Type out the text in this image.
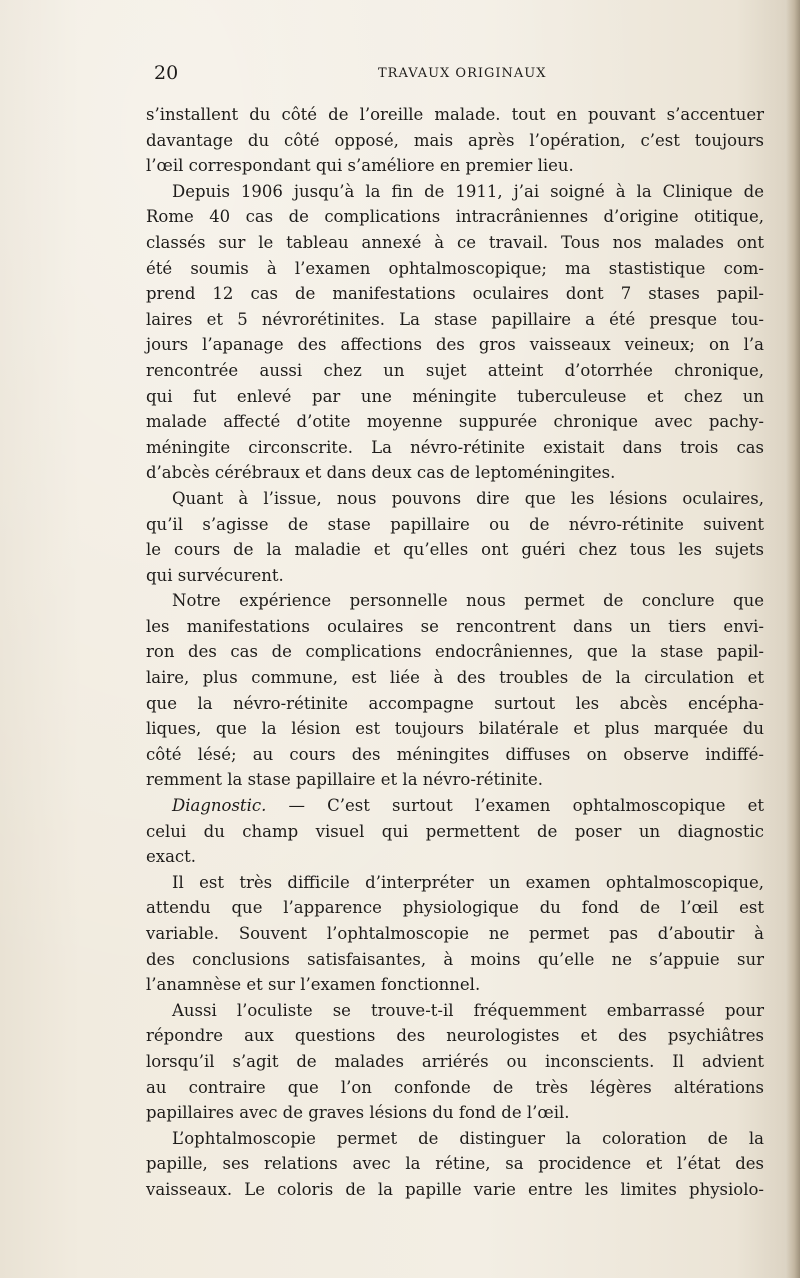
20	TRAVAUX ORIGINAUX
s’installent du côté de l’oreille malade. tout en pouvant s’accentuer
davantage du côté opposé, mais après l’opération, c’est toujours
l’œil correspondant qui s’améliore en premier lieu.
Depuis 1906 jusqu’à la fin de 1911, j’ai soigné à la Clinique de
Rome 40 cas de complications intracrâniennes d’origine otitique,
classés sur le tableau annexé à ce travail. Tous nos malades ont
été soumis à l’examen ophtalmoscopique; ma stastistique com-
prend 12 cas de manifestations oculaires dont 7 stases papil-
laires et 5 névrorétinites. La stase papillaire a été presque tou-
jours l’apanage des affections des gros vaisseaux veineux; on l’a
rencontrée aussi chez un sujet atteint d’otorrhée chronique,
qui fut enlevé par une méningite tuberculeuse et chez un
malade affecté d’otite moyenne suppurée chronique avec pachy-
méningite circonscrite. La névro-rétinite existait dans trois cas
d’abcès cérébraux et dans deux cas de leptoméningites.
Quant à l’issue, nous pouvons dire que les lésions oculaires,
qu’il s’agisse de stase papillaire ou de névro-rétinite suivent
le cours de la maladie et qu’elles ont guéri chez tous les sujets
qui survécurent.
Notre expérience personnelle nous permet de conclure que
les manifestations oculaires se rencontrent dans un tiers envi-
ron des cas de complications endocrâniennes, que la stase papil-
laire, plus commune, est liée à des troubles de la circulation et
que la névro-rétinite accompagne surtout les abcès encépha-
liques, que la lésion est toujours bilatérale et plus marquée du
côté lésé; au cours des méningites diffuses on observe indiffé-
remment la stase papillaire et la névro-rétinite.
Diagnostic. — C’est surtout l’examen ophtalmoscopique et
celui du champ visuel qui permettent de poser un diagnostic
exact.
Il est très difficile d’interpréter un examen ophtalmoscopique,
attendu que l’apparence physiologique du fond de l’œil est
variable. Souvent l’ophtalmoscopie ne permet pas d’aboutir à
des conclusions satisfaisantes, à moins qu’elle ne s’appuie sur
l’anamnèse et sur l’examen fonctionnel.
Aussi l’oculiste se trouve-t-il fréquemment embarrassé pour
répondre aux questions des neurologistes et des psychiâtres
lorsqu’il s’agit de malades arriérés ou inconscients. Il advient
au contraire que l’on confonde de très légères altérations
papillaires avec de graves lésions du fond de l’œil.
L’ophtalmoscopie permet de distinguer la coloration de la
papille, ses relations avec la rétine, sa procidence et l’état des
vaisseaux. Le coloris de la papille varie entre les limites physiolo-
